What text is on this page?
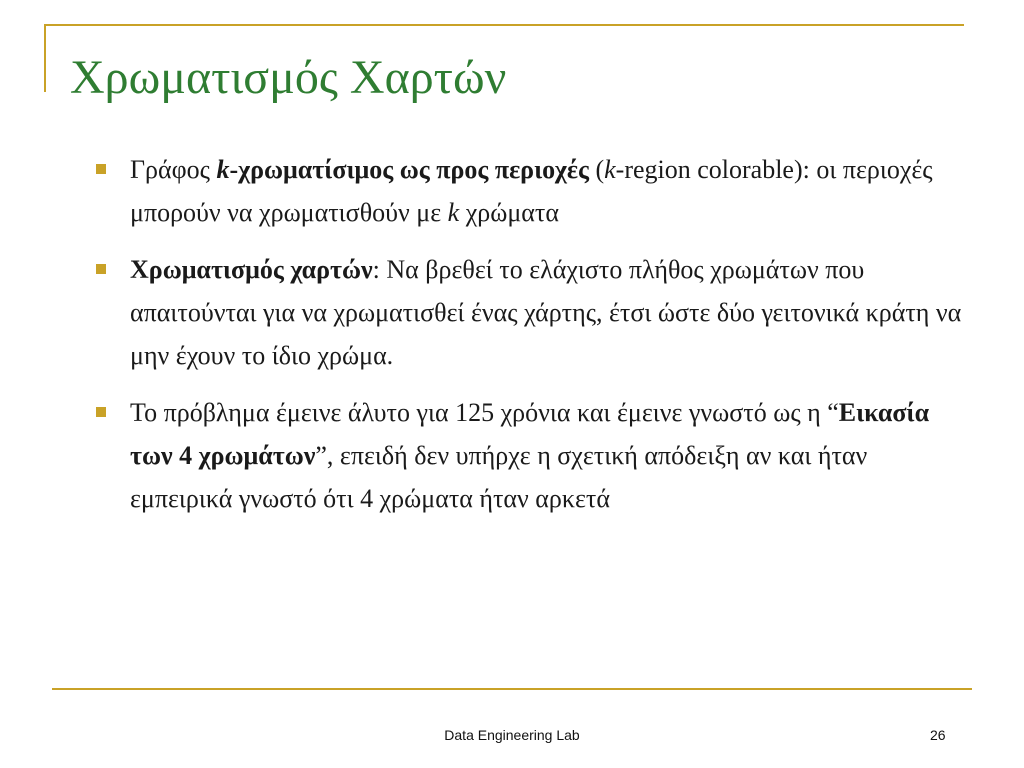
Χρωματισμός Χαρτών
Γράφος k-χρωματίσιμος ως προς περιοχές (k-region colorable): οι περιοχές μπορούν να χρωματισθούν με k χρώματα
Χρωματισμός χαρτών: Να βρεθεί το ελάχιστο πλήθος χρωμάτων που απαιτούνται για να χρωματισθεί ένας χάρτης, έτσι ώστε δύο γειτονικά κράτη να μην έχουν το ίδιο χρώμα.
Το πρόβλημα έμεινε άλυτο για 125 χρόνια και έμεινε γνωστό ως η “Εικασία των 4 χρωμάτων”, επειδή δεν υπήρχε η σχετική απόδειξη αν και ήταν εμπειρικά γνωστό ότι 4 χρώματα ήταν αρκετά
Data Engineering Lab	26
